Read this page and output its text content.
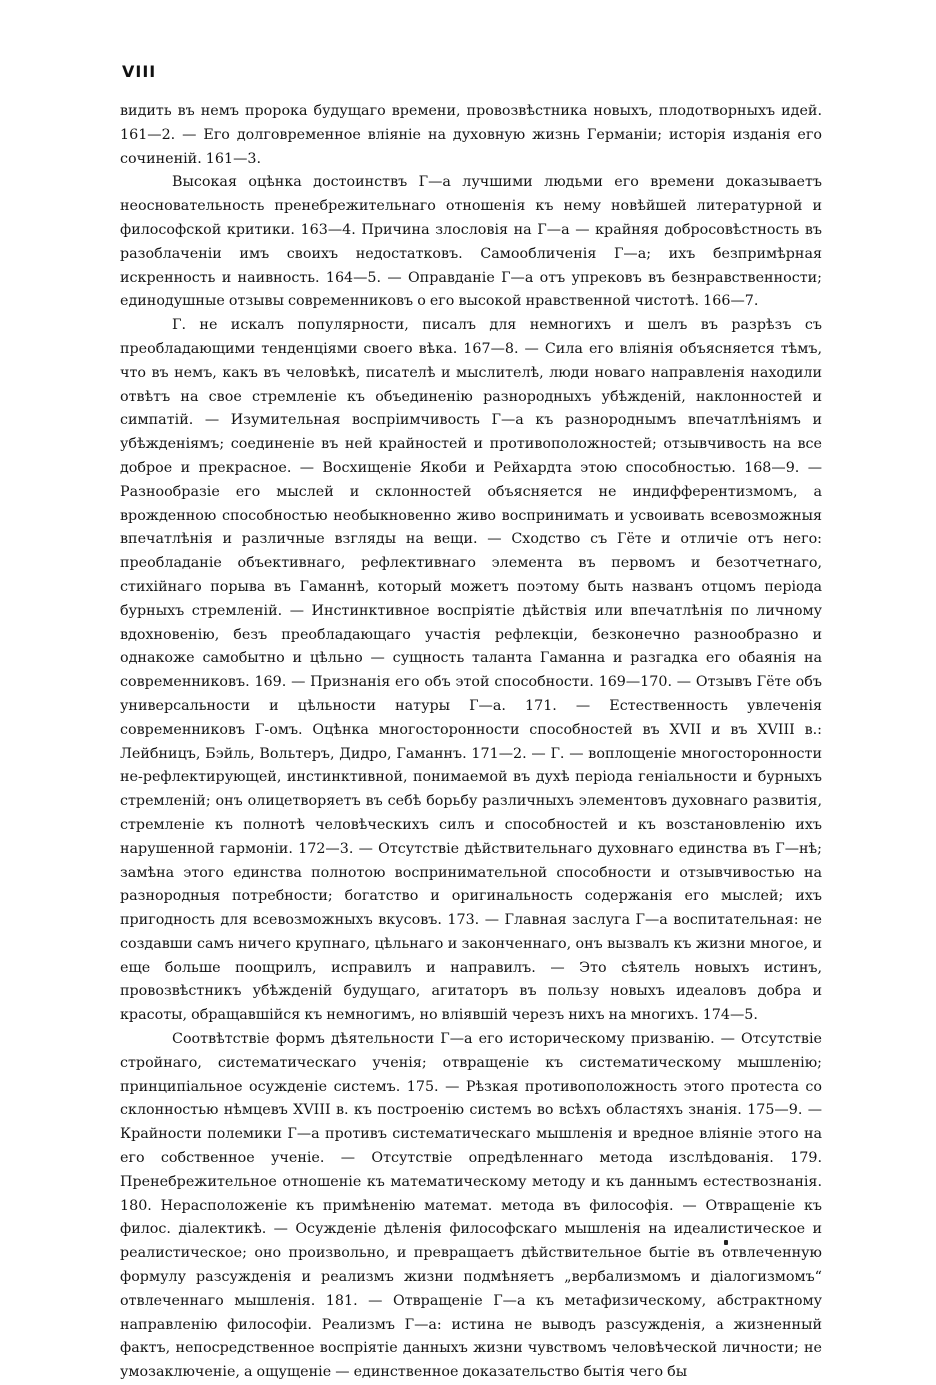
VIII

видить въ немъ пророка будущаго времени, провозвѣстника новыхъ, плодотворныхъ идей. 161—2. — Его долговременное вліяніе на духовную жизнь Германіи; исторія изданія его сочиненій. 161—3.

Высокая оцѣнка достоинствъ Г—а лучшими людьми его времени доказываетъ неосновательность пренебрежительнаго отношенія къ нему новѣйшей литературной и философской критики. 163—4. Причина злословія на Г—а — крайняя добросовѣстность въ разоблаченіи имъ своихъ недостатковъ. Самообличенія Г—а; ихъ безпримѣрная искренность и наивность. 164—5. — Оправданіе Г—а отъ упрековъ въ безнравственности; единодушные отзывы современниковъ о его высокой нравственной чистотѣ. 166—7.

Г. не искалъ популярности, писалъ для немногихъ и шелъ въ разрѣзъ съ преобладающими тенденціями своего вѣка. 167—8. — Сила его вліянія объясняется тѣмъ, что въ немъ, какъ въ человѣкѣ, писателѣ и мыслителѣ, люди новаго направленія находили отвѣтъ на свое стремленіе къ объединенію разнородныхъ убѣжденій, наклонностей и симпатій. — Изумительная воспріимчивость Г—а къ разнороднымъ впечатлѣніямъ и убѣжденіямъ; соединеніе въ ней крайностей и противоположностей; отзывчивость на все доброе и прекрасное. — Восхищеніе Якоби и Рейхардта этою способностью. 168—9. — Разнообразіе его мыслей и склонностей объясняется не индифферентизмомъ, а врожденною способностью необыкновенно живо воспринимать и усвоивать всевозможныя впечатлѣнія и различные взгляды на вещи. — Сходство съ Гёте и отличіе отъ него: преобладаніе объективнаго, рефлективнаго элемента въ первомъ и безотчетнаго, стихійнаго порыва въ Гаманнѣ, который можетъ поэтому быть названъ отцомъ періода бурныхъ стремленій. — Инстинктивное воспріятіе дѣйствія или впечатлѣнія по личному вдохновенію, безъ преобладающаго участія рефлекціи, безконечно разнообразно и однакоже самобытно и цѣльно — сущность таланта Гаманна и разгадка его обаянія на современниковъ. 169. — Признанія его объ этой способности. 169—170. — Отзывъ Гёте объ универсальности и цѣльности натуры Г—а. 171. — Естественность увлеченія современниковъ Г-омъ. Оцѣнка многосторонности способностей въ XVII и въ XVIII в.: Лейбницъ, Бэйль, Вольтеръ, Дидро, Гаманнъ. 171—2. — Г. — воплощеніе многосторонности не-рефлектирующей, инстинктивной, понимаемой въ духѣ періода геніальности и бурныхъ стремленій; онъ олицетворяетъ въ себѣ борьбу различныхъ элементовъ духовнаго развитія, стремленіе къ полнотѣ человѣческихъ силъ и способностей и къ возстановленію ихъ нарушенной гармоніи. 172—3. — Отсутствіе дѣйствительнаго духовнаго единства въ Г—нѣ; замѣна этого единства полнотою воспринимательной способности и отзывчивостью на разнородныя потребности; богатство и оригинальность содержанія его мыслей; ихъ пригодность для всевозможныхъ вкусовъ. 173. — Главная заслуга Г—а воспитательная: не создавши самъ ничего крупнаго, цѣльнаго и законченнаго, онъ вызвалъ къ жизни многое, и еще больше поощрилъ, исправилъ и направилъ. — Это сѣятель новыхъ истинъ, провозвѣстникъ убѣжденій будущаго, агитаторъ въ пользу новыхъ идеаловъ добра и красоты, обращавшійся къ немногимъ, но вліявшій черезъ нихъ на многихъ. 174—5.

Соотвѣтствіе формъ дѣятельности Г—а его историческому призванію. — Отсутствіе стройнаго, систематическаго ученія; отвращеніе къ систематическому мышленію; принципіальное осужденіе системъ. 175. — Рѣзкая противоположность этого протеста со склонностью нѣмцевъ XVIII в. къ построенію системъ во всѣхъ областяхъ знанія. 175—9. — Крайности полемики Г—а противъ систематическаго мышленія и вредное вліяніе этого на его собственное ученіе. — Отсутствіе опредѣленнаго метода изслѣдованія. 179. Пренебрежительное отношеніе къ математическому методу и къ даннымъ естествознанія. 180. Нерасположеніе къ примѣненію математ. метода въ философія. — Отвращеніе къ филос. діалектикѣ. — Осужденіе дѣленія философскаго мышленія на идеалистическое и реалистическое; оно произвольно, и превращаетъ дѣйствительное бытіе въ отвлеченную формулу разсужденія и реализмъ жизни подмѣняетъ „вербализмомъ и діалогизмомъ“ отвлеченнаго мышленія. 181. — Отвращеніе Г—а къ метафизическому, абстрактному направленію философіи. Реализмъ Г—а: истина не выводъ разсужденія, а жизненный фактъ, непосредственное воспріятіе данныхъ жизни чувствомъ человѣческой личности; не умозаключеніе, а ощущеніе — единственное доказательство бытія чего бы
